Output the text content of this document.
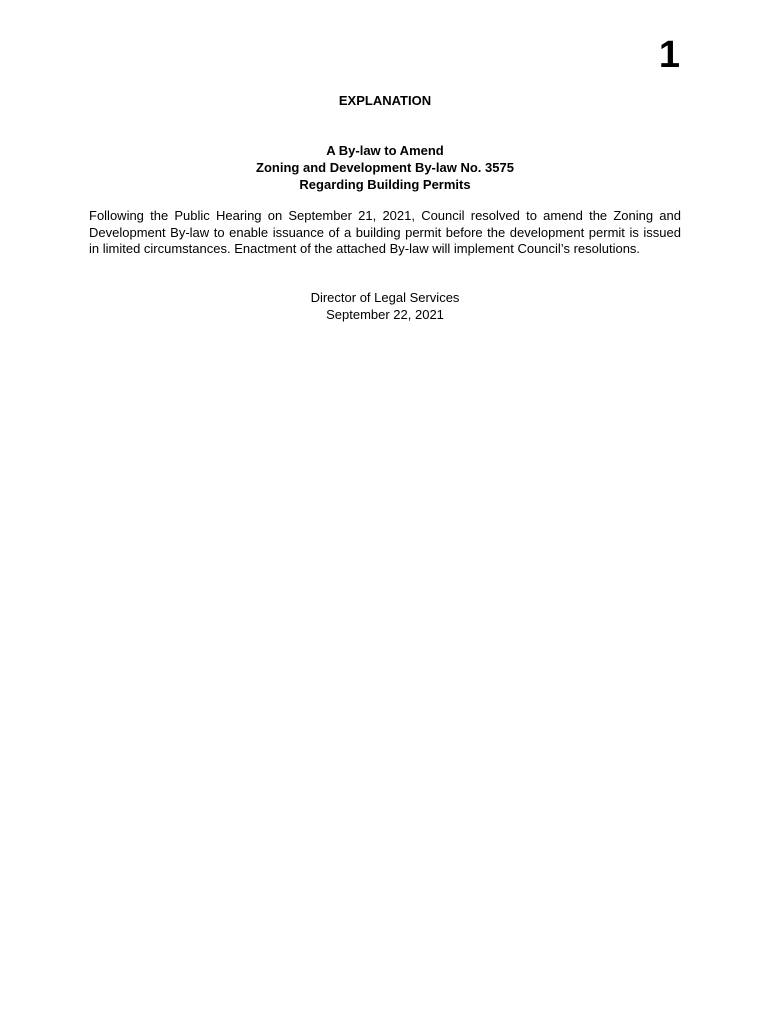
1
EXPLANATION
A By-law to Amend
Zoning and Development By-law No. 3575
Regarding Building Permits
Following the Public Hearing on September 21, 2021, Council resolved to amend the Zoning and Development By-law to enable issuance of a building permit before the development permit is issued in limited circumstances. Enactment of the attached By-law will implement Council’s resolutions.
Director of Legal Services
September 22, 2021
